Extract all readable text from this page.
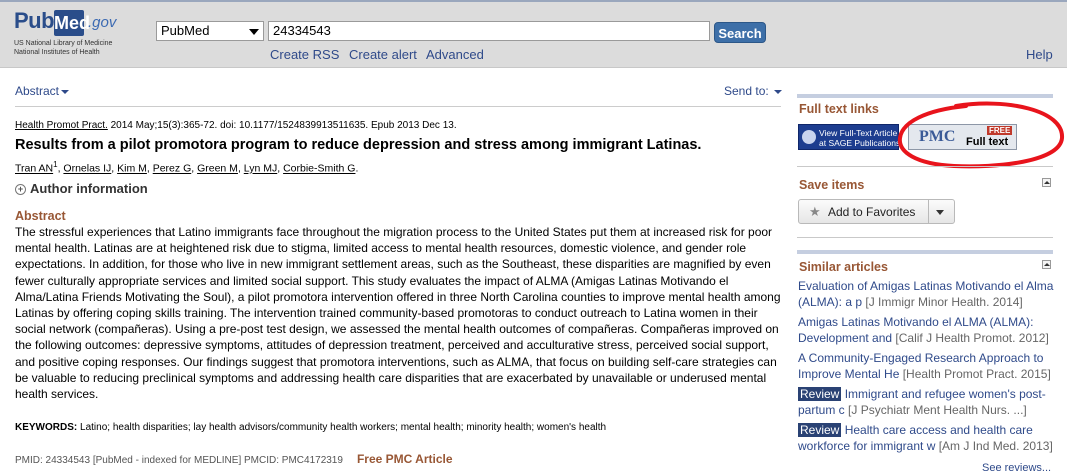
Pub Med
.gov
US National Library of Medicine
National Institutes of Health
PubMed	24334543	Search
Create RSS Create alert Advanced	Help
Abstract	Send to:
Health Promot Pract. 2014 May;15(3):365-72. doi: 10.1177/1524839913511635. Epub 2013 Dec 13.
Results from a pilot promotora program to reduce depression and stress among immigrant Latinas.
Tran $AN^1$, Ornelas IJ, Kim M, Perez G, Green M, Lyn MJ, Corbie-Smith G.
+ Author information
Abstract
The stressful experiences that Latino immigrants face throughout the migration process to the United States put them at increased risk for poor mental health. Latinas are at heightened risk due to stigma, limited access to mental health resources, domestic violence, and gender role expectations. In addition, for those who live in new immigrant settlement areas, such as the Southeast, these disparities are magnified by even fewer culturally appropriate services and limited social support. This study evaluates the impact of ALMA (Amigas Latinas Motivando el Alma/Latina Friends Motivating the Soul), a pilot promotora intervention offered in three North Carolina counties to improve mental health among Latinas by offering coping skills training. The intervention trained community-based promotoras to conduct outreach to Latina women in their social network (compañeras). Using a pre-post test design, we assessed the mental health outcomes of compañeras. Compañeras improved on the following outcomes: depressive symptoms, attitudes of depression treatment, perceived and acculturative stress, perceived social support, and positive coping responses. Our findings suggest that promotora interventions, such as ALMA, that focus on building self-care strategies can be valuable to reducing preclinical symptoms and addressing health care disparities that are exacerbated by unavailable or underused mental health services.
KEYWORDS: Latino; health disparities; lay health advisors/community health workers; mental health; minority health; women's health
PMID: 24334543 [PubMed - indexed for MEDLINE] PMCID: PMC4172319 Free PMC Article
Full text links
View Full-Text Article
at SAGE Publications PMC	FREE
Full text
Save items
★ Add to Favorites
Similar articles
Evaluation of Amigas Latinas Motivando el Alma (ALMA): a p [J Immigr Minor Health. 2014]
Amigas Latinas Motivando el ALMA (ALMA): Development and [Calif J Health Promot. 2012]
A Community-Engaged Research Approach to Improve Mental He [Health Promot Pract. 2015]
Review Immigrant and refugee women's post-partum c [J Psychiatr Ment Health Nurs. ...]
Review Health care access and health care workforce for immigrant w [Am J Ind Med. 2013]
See reviews...
